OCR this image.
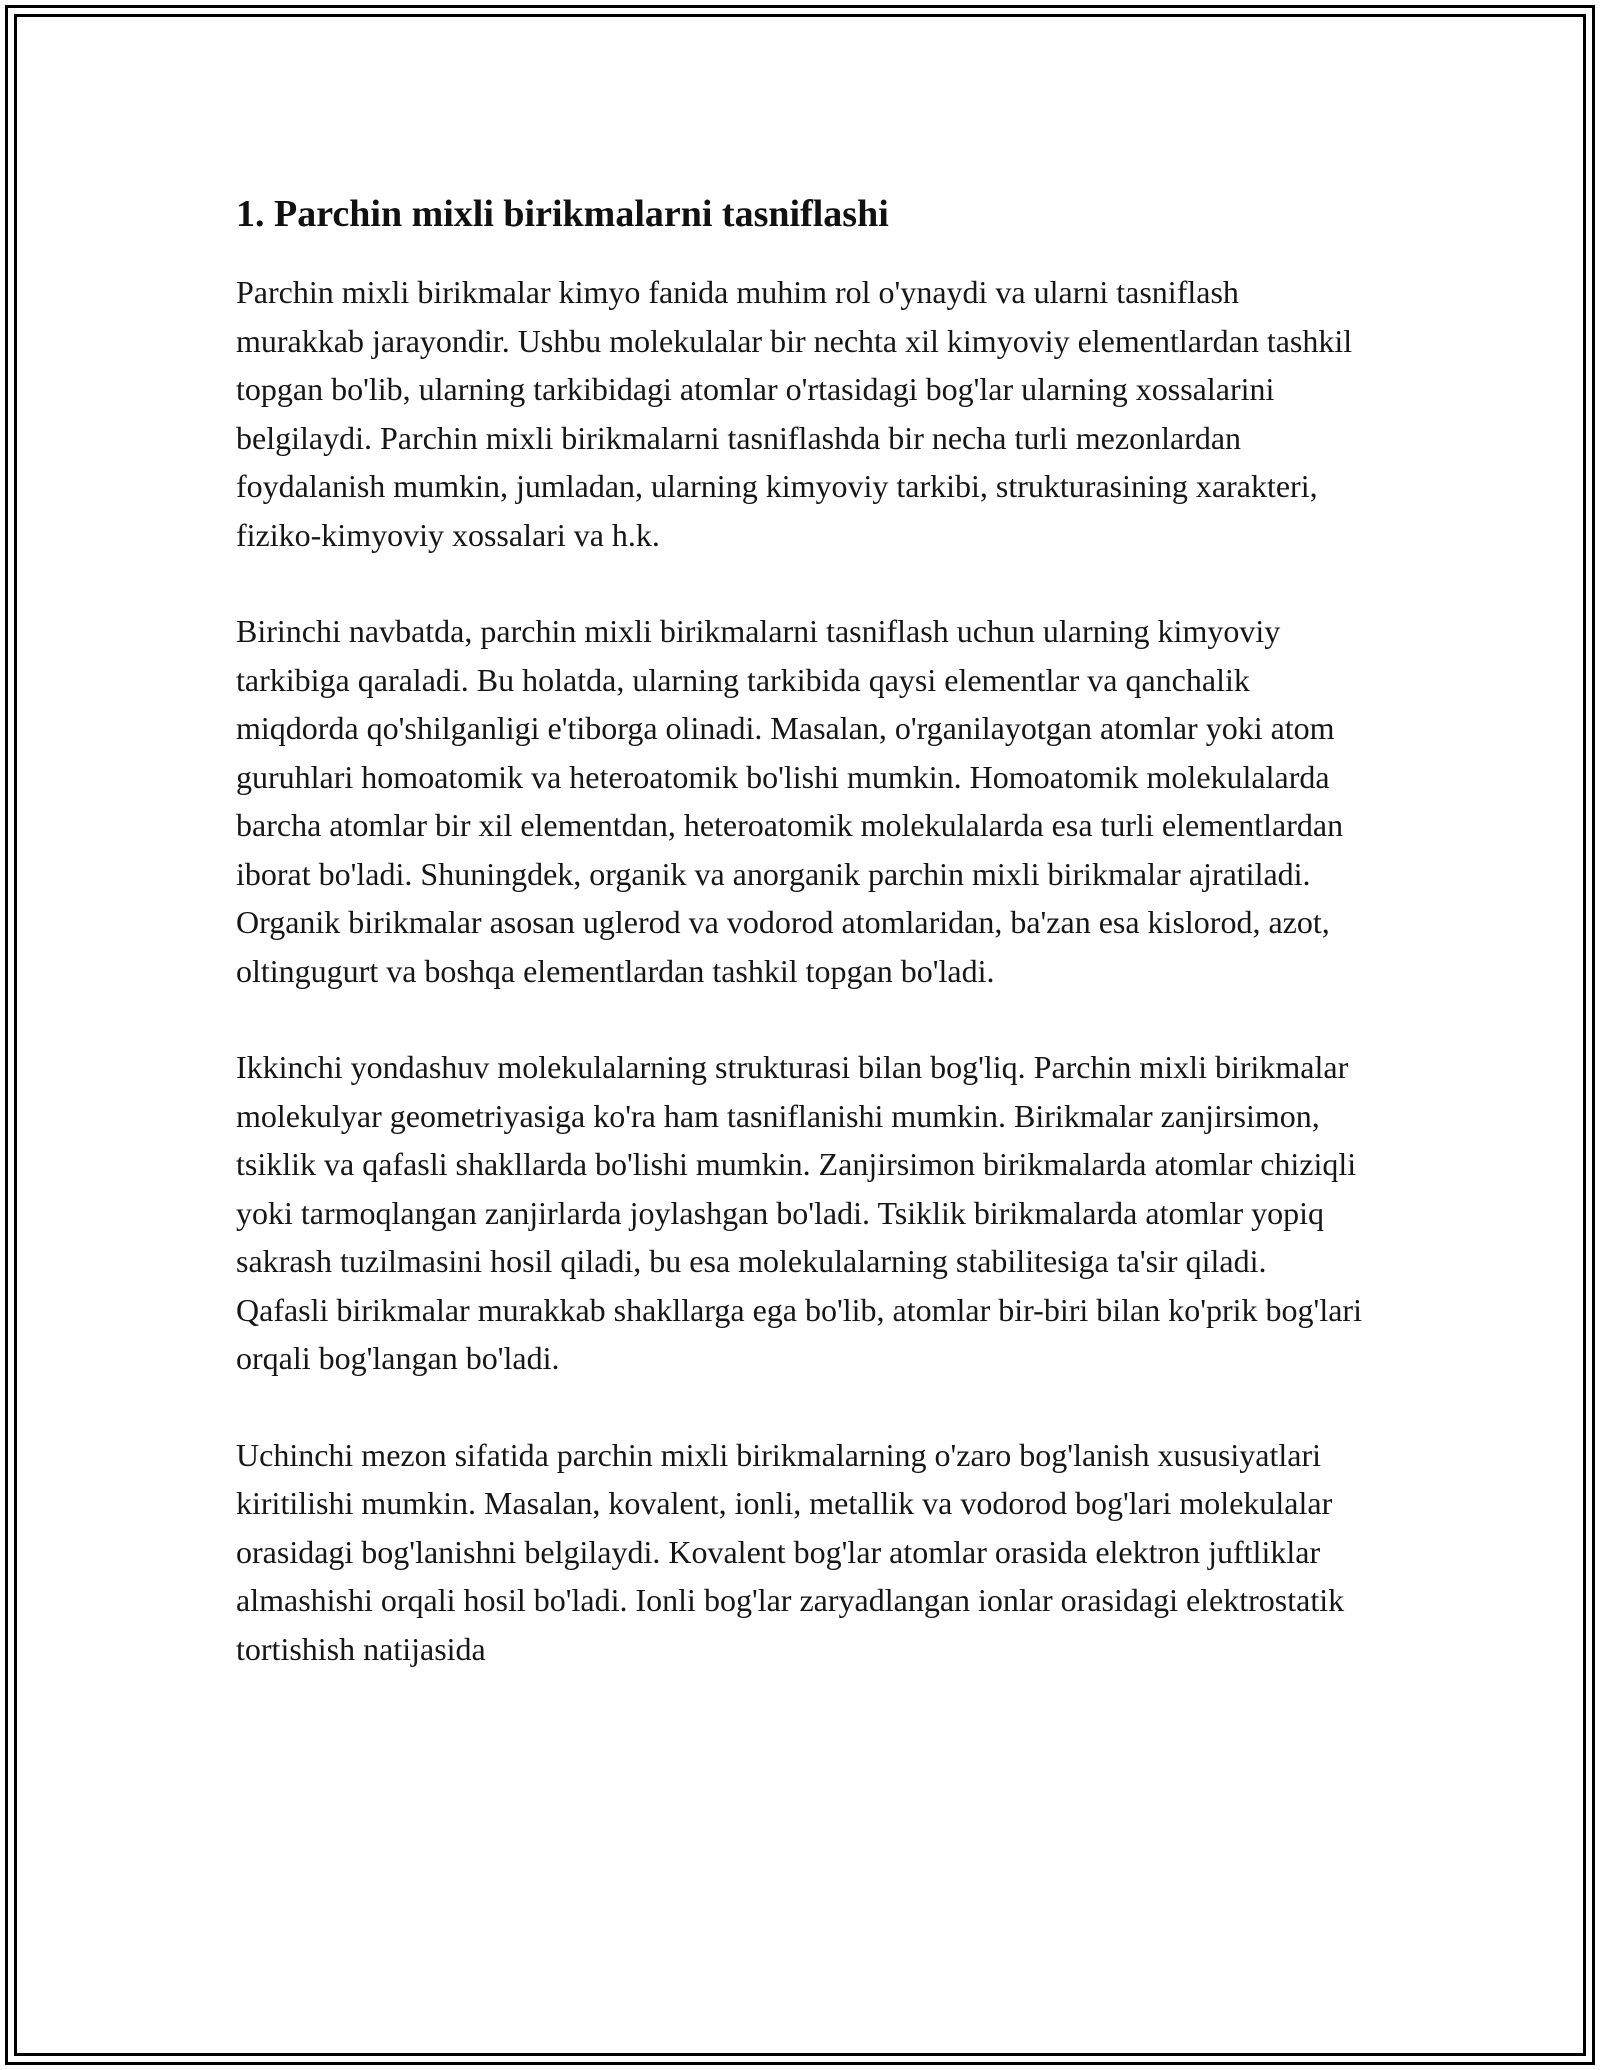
1. Parchin mixli birikmalarni tasniflashi

Parchin mixli birikmalar kimyo fanida muhim rol o'ynaydi va ularni tasniflash murakkab jarayondir. Ushbu molekulalar bir nechta xil kimyoviy elementlardan tashkil topgan bo'lib, ularning tarkibidagi atomlar o'rtasidagi bog'lar ularning xossalarini belgilaydi. Parchin mixli birikmalarni tasniflashda bir necha turli mezonlardan foydalanish mumkin, jumladan, ularning kimyoviy tarkibi, strukturasining xarakteri, fiziko-kimyoviy xossalari va h.k.

Birinchi navbatda, parchin mixli birikmalarni tasniflash uchun ularning kimyoviy tarkibiga qaraladi. Bu holatda, ularning tarkibida qaysi elementlar va qanchalik miqdorda qo'shilganligi e'tiborga olinadi. Masalan, o'rganilayotgan atomlar yoki atom guruhlari homoatomik va heteroatomik bo'lishi mumkin. Homoatomik molekulalarda barcha atomlar bir xil elementdan, heteroatomik molekulalarda esa turli elementlardan iborat bo'ladi. Shuningdek, organik va anorganik parchin mixli birikmalar ajratiladi. Organik birikmalar asosan uglerod va vodorod atomlaridan, ba'zan esa kislorod, azot, oltingugurt va boshqa elementlardan tashkil topgan bo'ladi.

Ikkinchi yondashuv molekulalarning strukturasi bilan bog'liq. Parchin mixli birikmalar molekulyar geometriyasiga ko'ra ham tasniflanishi mumkin. Birikmalar zanjirsimon, tsiklik va qafasli shakllarda bo'lishi mumkin. Zanjirsimon birikmalarda atomlar chiziqli yoki tarmoqlangan zanjirlarda joylashgan bo'ladi. Tsiklik birikmalarda atomlar yopiq sakrash tuzilmasini hosil qiladi, bu esa molekulalarning stabilitesiga ta'sir qiladi. Qafasli birikmalar murakkab shakllarga ega bo'lib, atomlar bir-biri bilan ko'prik bog'lari orqali bog'langan bo'ladi.

Uchinchi mezon sifatida parchin mixli birikmalarning o'zaro bog'lanish xususiyatlari kiritilishi mumkin. Masalan, kovalent, ionli, metallik va vodorod bog'lari molekulalar orasidagi bog'lanishni belgilaydi. Kovalent bog'lar atomlar orasida elektron juftliklar almashishi orqali hosil bo'ladi. Ionli bog'lar zaryadlangan ionlar orasidagi elektrostatik tortishish natijasida
